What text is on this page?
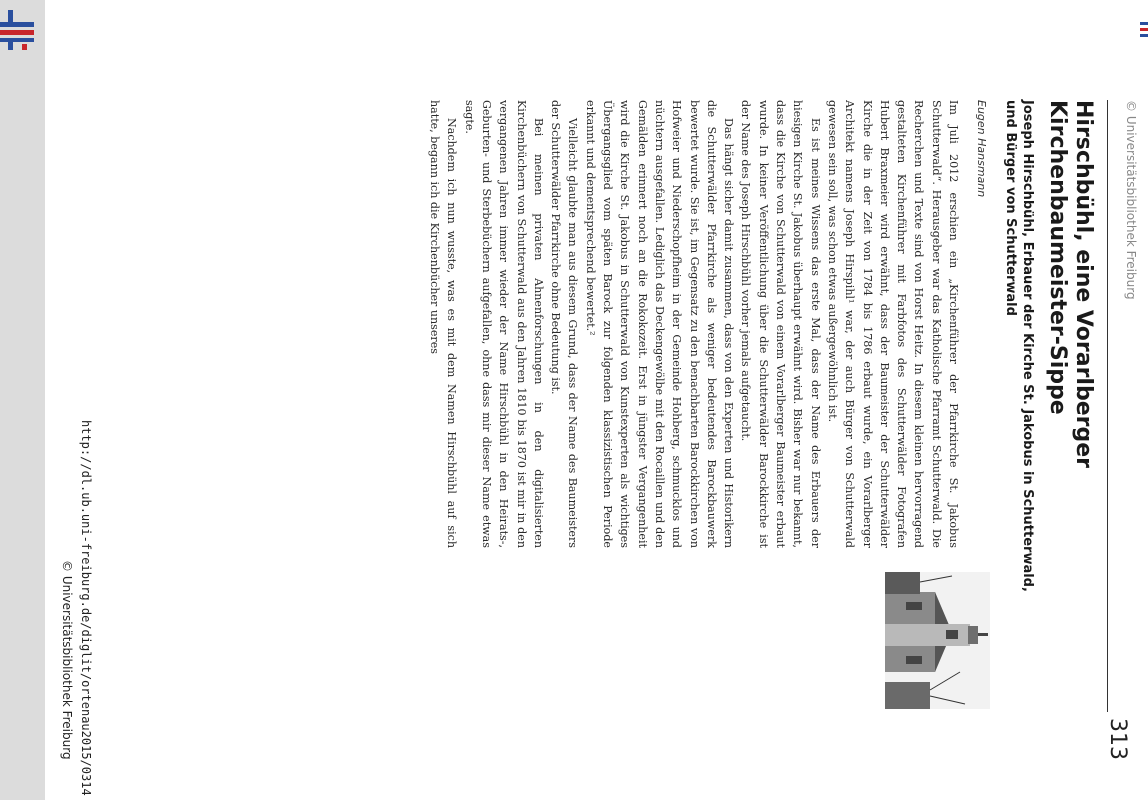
© Universitätsbibliothek Freiburg
313
Hirschbühl, eine Vorarlberger
Kirchenbaumeister-Sippe
Joseph Hirschbühl, Erbauer der Kirche St. Jakobus in Schutterwald,
und Bürger von Schutterwald
Eugen Hansmann

Im Juli 2012 erschien ein „Kirchenführer der Pfarrkirche St. Jakobus Schutterwald“. Herausgeber war das Katholische Pfarramt Schutterwald. Die Recherchen und Texte sind von Horst Heitz. In diesem kleinen hervorragend gestalteten Kirchenführer mit Farbfotos des Schutterwälder Fotografen Hubert Braxmeier wird erwähnt, dass der Baumeister der Schutterwälder Kirche die in der Zeit von 1784 bis 1786 erbaut wurde, ein Vorarlberger Architekt namens Joseph Hirspihl¹ war, der auch Bürger von Schutterwald gewesen sein soll, was schon etwas außergewöhnlich ist.

Es ist meines Wissens das erste Mal, dass der Name des Erbauers der hiesigen Kirche St. Jakobus überhaupt erwähnt wird. Bisher war nur bekannt, dass die Kirche von Schutterwald von einem Vorarlberger Baumeister erbaut wurde. In keiner Veröffentlichung über die Schutterwälder Barockkirche ist der Name des Joseph Hirschbühl vorher jemals aufgetaucht.

Das hängt sicher damit zusammen, dass von den Experten und Historikern die Schutterwälder Pfarrkirche als weniger bedeutendes Barockbauwerk bewertet wurde. Sie ist, im Gegensatz zu den benachbarten Barockkirchen von Hofweier und Niederschopfheim in der Gemeinde Hohberg, schmucklos und nüchtern ausgefallen. Lediglich das Deckengewölbe mit den Rocaillen und den Gemälden erinnert noch an die Rokokozeit. Erst in jüngster Vergangenheit wird die Kirche St. Jakobus in Schutterwald von Kunstexperten als wichtiges Übergangsglied vom späten Barock zur folgenden klassizistischen Periode erkannt und dementsprechend bewertet.²

Vielleicht glaubte man aus diesem Grund, dass der Name des Baumeisters der Schutterwälder Pfarrkirche ohne Bedeutung ist.

Bei meinen privaten Ahnenforschungen in den digitalisierten Kirchenbüchern von Schutterwald aus den Jahren 1810 bis 1870 ist mir in den vergangenen Jahren immer wieder der Name Hirschbühl in den Heirats-, Geburten- und Sterbebüchern aufgefallen, ohne dass mir dieser Name etwas sagte.

Nachdem ich nun wusste, was es mit dem Namen Hirschbühl auf sich hatte, begann ich die Kirchenbücher unseres

http://dl.ub.uni-freiburg.de/diglit/ortenau2015/0314
© Universitätsbibliothek Freiburg
